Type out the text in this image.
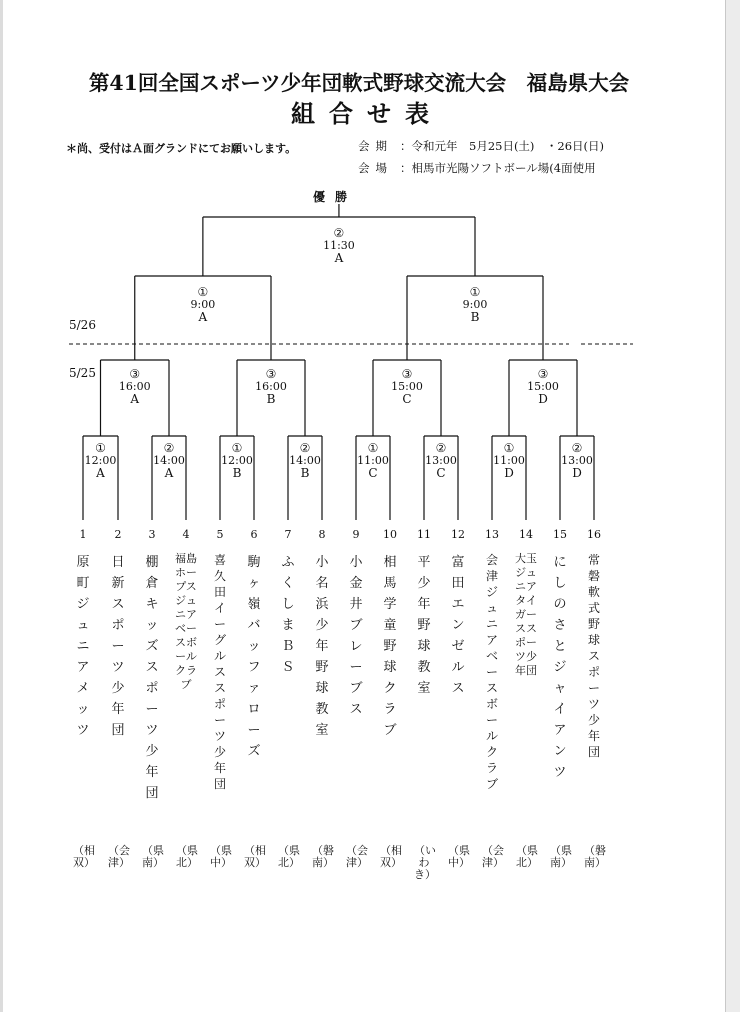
第41回全国スポーツ少年団軟式野球交流大会　福島県大会
組合せ表
＊尚、受付はＡ面グランドにてお願いします。	会期 ：令和元年　5月25日(土)　・26日(日)
会場 ：相馬市光陽ソフトボール場(4面使用
優勝
5/26
5/25
②
11:30
A
①
9:00
A
①
9:00
B
③
16:00
A
③
16:00
B
③
15:00
C
③
15:00
D
①
12:00
A
②
14:00
A
①
12:00
B
②
14:00
B
①
11:00
C
②
13:00
C
①
11:00
D
②
13:00
D
1
原町ジュニアメッツ
（相双）
2
日新スポーツ少年団
（会津）
3
棚倉キッズスポーツ少年団
（県南）
4
福島ホープスジュニアベースボールクラブ
（県北）
5
喜久田イーグルススポーツ少年団
（県中）
6
駒ヶ嶺バッファローズ
（相双）
7
ふくしまＢＳ
（県北）
8
小名浜少年野球教室
（磐南）
9
小金井ブレーブス
（会津）
10
相馬学童野球クラブ
（相双）
11
平少年野球教室
（いわき）
12
富田エンゼルス
（県中）
13
会津ジュニアベースボールクラブ
（会津）
14
大玉ジュニアタイガーススポーツ少年団
（県北）
15
にしのさとジャイアンツ
（県南）
16
常磐軟式野球スポーツ少年団
（磐南）
